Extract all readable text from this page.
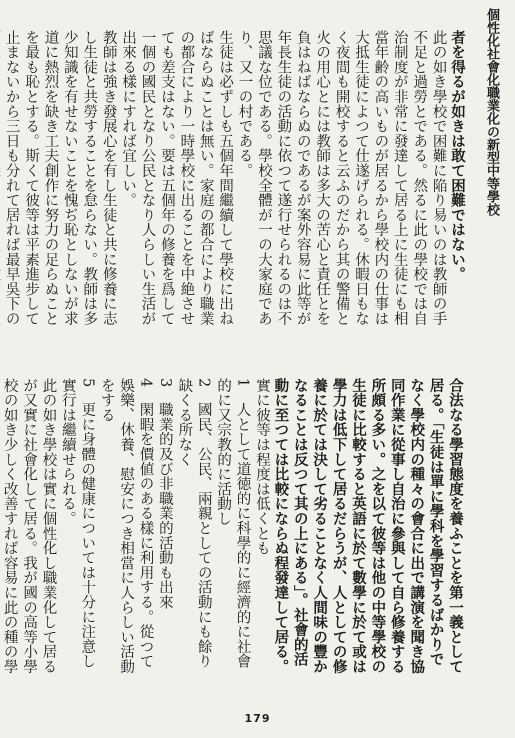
個性化社會化職業化の新型中等學校

者を得るが如きは敢て困難ではない。

此の如き學校で困難に陥り易いのは教師の手不足と過勞とである。然るに此の學校では自治制度が非常に發達して居る上に生徒にも相當年齢の高いものが居るから學校内の仕事は大抵生徒によつて仕遂げられる。休暇日もなく夜間も開校すると云ふのだから其の警備と火の用心とには教師は多大の苦心と責任とを負はねばならぬのであるが案外容易に此等が年長生徒の活動に依つて遂行せられるのは不思議な位である。學校全體が一の大家庭であり、又一の村である。

生徒は必ずしも五個年間繼續して學校に出ねばならぬことは無い。家庭の都合により職業の都合により一時學校に出ることを中絶させても差支はない。要は五個年の修養を爲して一個の國民となり公民となり人らしい生活が出來る樣にすれば宜しい。

教師は強き發展心を有し生徒と共に修養に志し生徒と共勞することを怠らない。教師は多少知識を有せないことを愧ぢ恥としないが求道に熱烈を缺き工夫創作に努力の足らぬことを最も恥とする。斯くて彼等は平素進步して止まないから三日も分れて居れば最早吳下の

合法なる學習態度を養ふことを第一義として居る。「生徒は單に學科を學習するばかりでなく學校内の種々の會合に出で講演を聞き協同作業に從事し自治に參與して自ら修養する所頗る多い。之を以て彼等は他の中等學校の生徒に比較すると英語に於て數學に於て或は學力は低下して居るだらうが、人としての修養に於ては決して劣ることなく人間味の豐かなることは反つて其の上にある」。社會的活動に至つては比較にならぬ程發達して居る。

實に彼等は程度は低くとも

1　人として道徳的に科學的に經濟的に社會的に又宗教的に活動し

2　國民、公民、兩親としての活動にも餘り缺くる所なく

3　職業的及び非職業的活動も出來

4　閑暇を價値のある樣に利用する。從つて娛樂、休養、慰安につき相當に人らしい活動をする

5　更に身體の健康については十分に注意し實行は繼續せられる。

此の如き學校は實に個性化し職業化して居るが又實に社會化して居る。我が國の高等小學校の如き少しく改善すれば容易に此の種の學

179
